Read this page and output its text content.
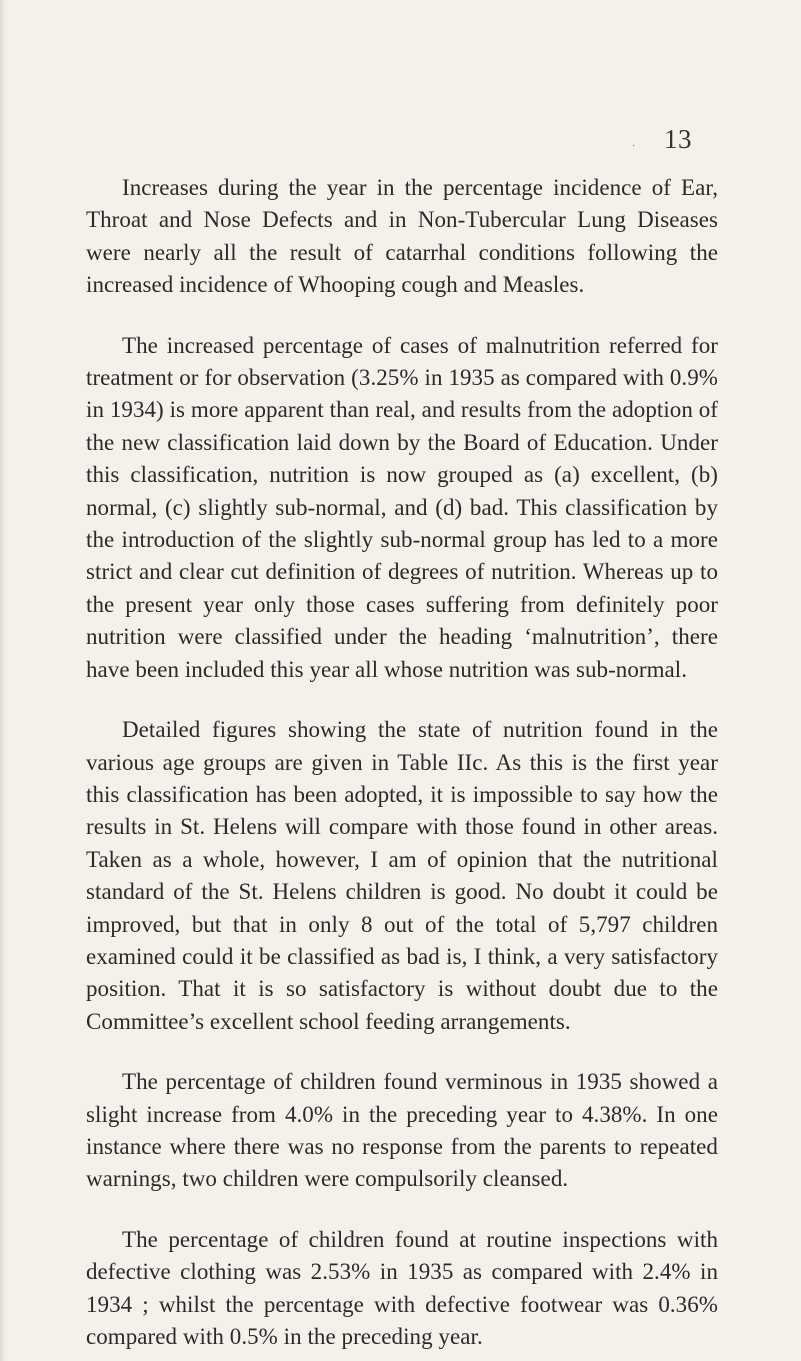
· 13

Increases during the year in the percentage incidence of Ear, Throat and Nose Defects and in Non-Tubercular Lung Diseases were nearly all the result of catarrhal conditions following the increased incidence of Whooping cough and Measles.

The increased percentage of cases of malnutrition referred for treatment or for observation (3.25% in 1935 as compared with 0.9% in 1934) is more apparent than real, and results from the adoption of the new classification laid down by the Board of Education. Under this classification, nutrition is now grouped as (a) excellent, (b) normal, (c) slightly sub-normal, and (d) bad. This classification by the introduction of the slightly sub-normal group has led to a more strict and clear cut definition of degrees of nutrition. Whereas up to the present year only those cases suffering from definitely poor nutrition were classified under the heading ‘malnutrition’, there have been included this year all whose nutrition was sub-normal.

Detailed figures showing the state of nutrition found in the various age groups are given in Table IIc. As this is the first year this classification has been adopted, it is impossible to say how the results in St. Helens will compare with those found in other areas. Taken as a whole, however, I am of opinion that the nutritional standard of the St. Helens children is good. No doubt it could be improved, but that in only 8 out of the total of 5,797 children examined could it be classified as bad is, I think, a very satisfactory position. That it is so satisfactory is without doubt due to the Committee’s excellent school feeding arrangements.

The percentage of children found verminous in 1935 showed a slight increase from 4.0% in the preceding year to 4.38%. In one instance where there was no response from the parents to repeated warnings, two children were compulsorily cleansed.

The percentage of children found at routine inspections with defective clothing was 2.53% in 1935 as compared with 2.4% in 1934 ; whilst the percentage with defective footwear was 0.36% compared with 0.5% in the preceding year.
